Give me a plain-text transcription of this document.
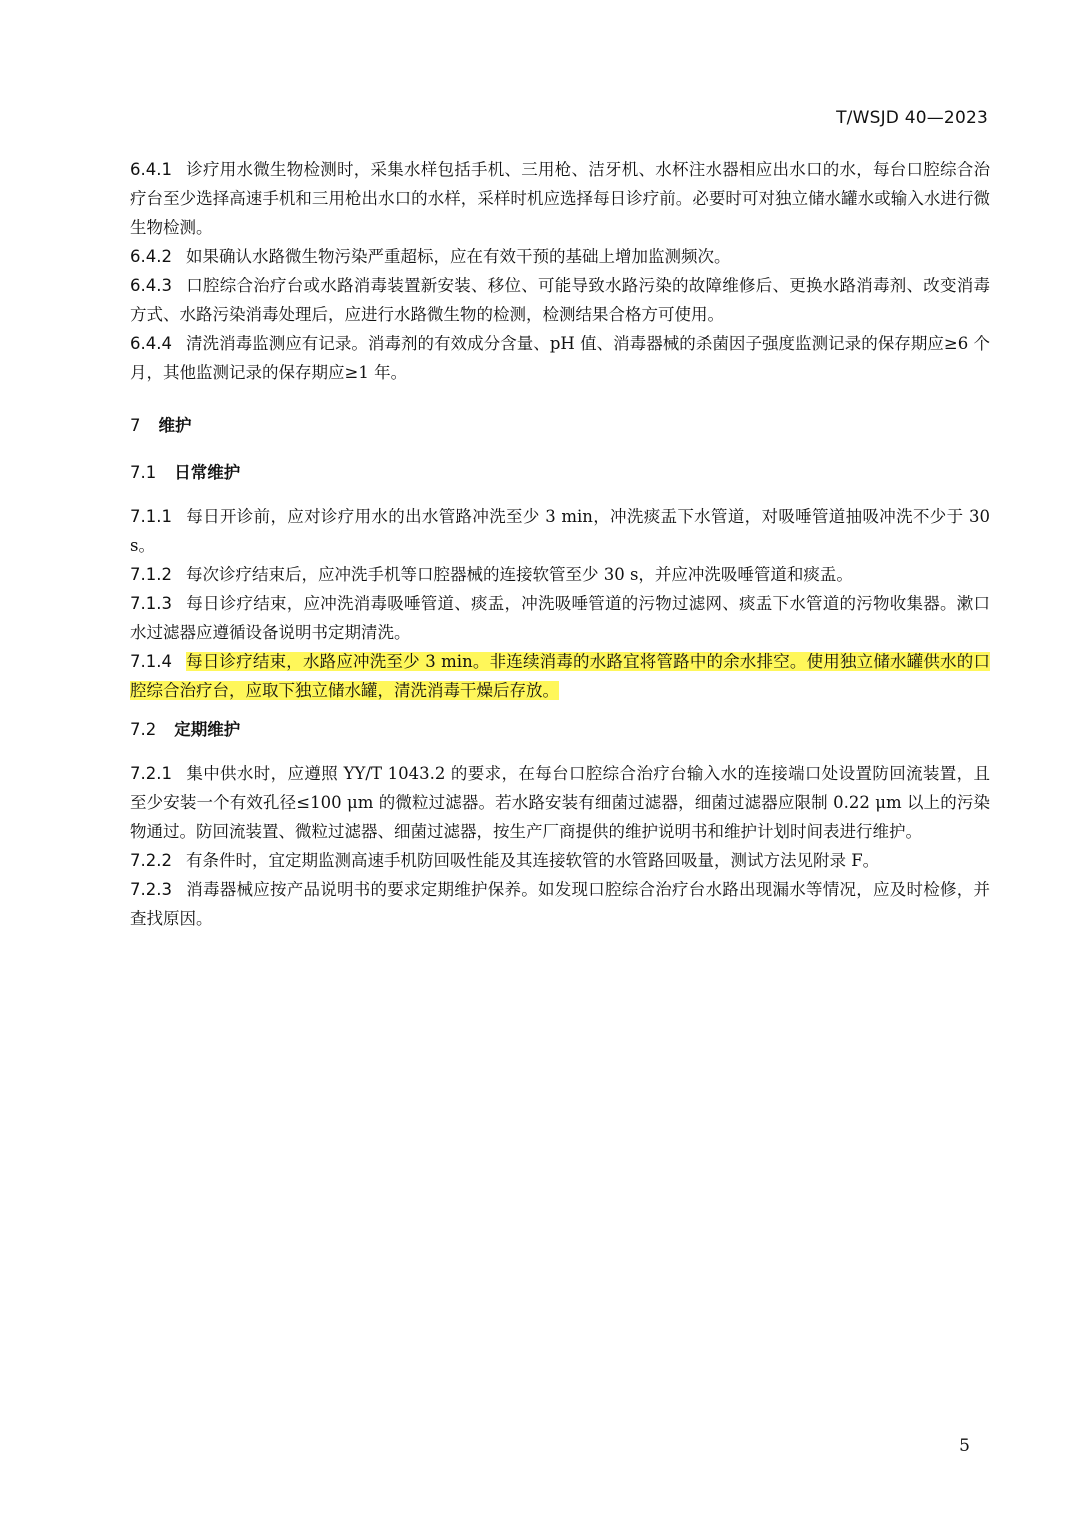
T/WSJD 40—2023

6.4.1 诊疗用水微生物检测时，采集水样包括手机、三用枪、洁牙机、水杯注水器相应出水口的水，每台口腔综合治疗台至少选择高速手机和三用枪出水口的水样，采样时机应选择每日诊疗前。必要时可对独立储水罐水或输入水进行微生物检测。

6.4.2 如果确认水路微生物污染严重超标，应在有效干预的基础上增加监测频次。

6.4.3 口腔综合治疗台或水路消毒装置新安装、移位、可能导致水路污染的故障维修后、更换水路消毒剂、改变消毒方式、水路污染消毒处理后，应进行水路微生物的检测，检测结果合格方可使用。

6.4.4 清洗消毒监测应有记录。消毒剂的有效成分含量、pH 值、消毒器械的杀菌因子强度监测记录的保存期应≥6 个月，其他监测记录的保存期应≥1 年。

7 维护
7.1 日常维护

7.1.1 每日开诊前，应对诊疗用水的出水管路冲洗至少 3 min，冲洗痰盂下水管道，对吸唾管道抽吸冲洗不少于 30 s。

7.1.2 每次诊疗结束后，应冲洗手机等口腔器械的连接软管至少 30 s，并应冲洗吸唾管道和痰盂。

7.1.3 每日诊疗结束，应冲洗消毒吸唾管道、痰盂，冲洗吸唾管道的污物过滤网、痰盂下水管道的污物收集器。漱口水过滤器应遵循设备说明书定期清洗。

7.1.4 每日诊疗结束，水路应冲洗至少 3 min。非连续消毒的水路宜将管路中的余水排空。使用独立储水罐供水的口腔综合治疗台，应取下独立储水罐，清洗消毒干燥后存放。

7.2 定期维护

7.2.1 集中供水时，应遵照 YY/T 1043.2 的要求，在每台口腔综合治疗台输入水的连接端口处设置防回流装置，且至少安装一个有效孔径≤100 μm 的微粒过滤器。若水路安装有细菌过滤器，细菌过滤器应限制 0.22 μm 以上的污染物通过。防回流装置、微粒过滤器、细菌过滤器，按生产厂商提供的维护说明书和维护计划时间表进行维护。

7.2.2 有条件时，宜定期监测高速手机防回吸性能及其连接软管的水管路回吸量，测试方法见附录 F。

7.2.3 消毒器械应按产品说明书的要求定期维护保养。如发现口腔综合治疗台水路出现漏水等情况，应及时检修，并查找原因。

5
